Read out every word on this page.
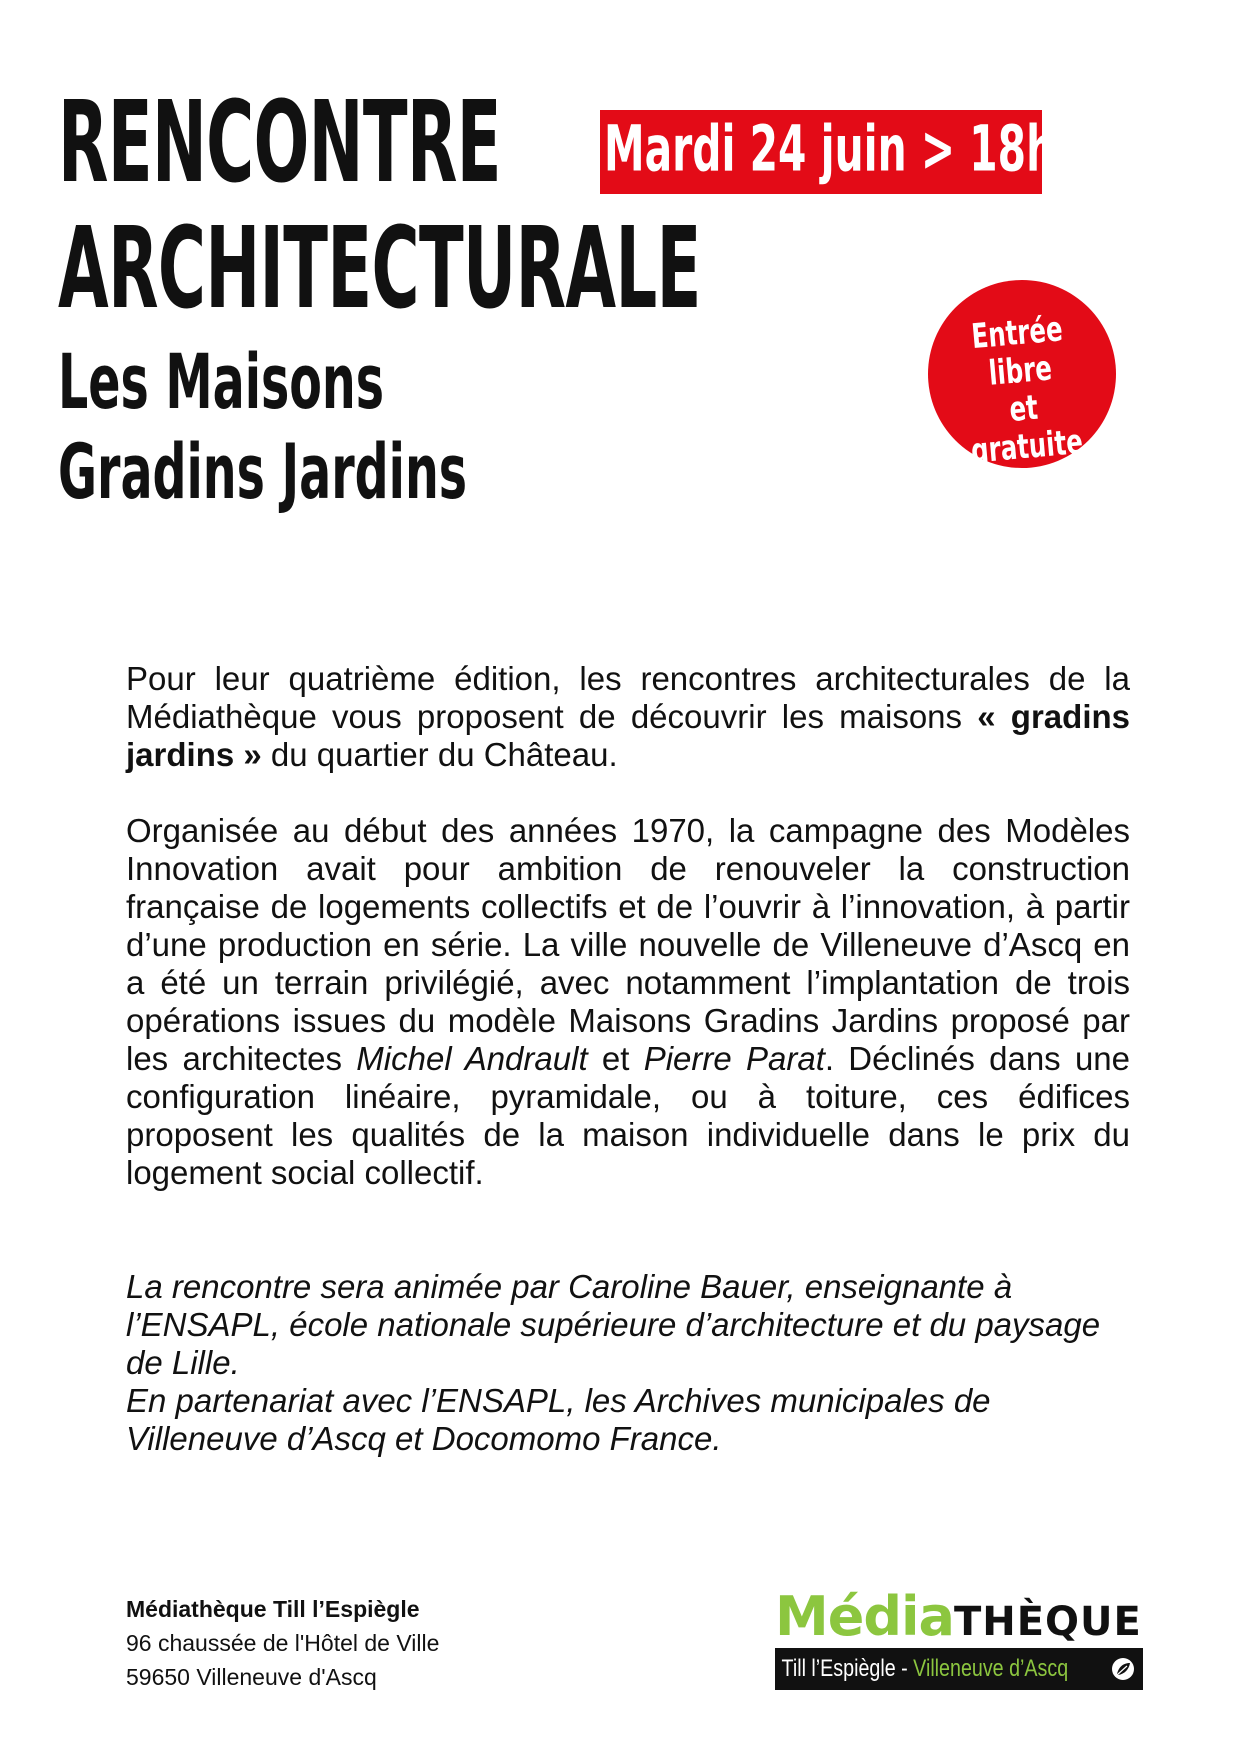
RENCONTRE
ARCHITECTURALE
Les Maisons
Gradins Jardins
Mardi 24 juin > 18h30
Entrée libre
et
gratuite

Pour leur quatrième édition, les rencontres architecturales de la Médiathèque vous proposent de découvrir les maisons « gradins jardins » du quartier du Château.

Organisée au début des années 1970, la campagne des Modèles Innovation avait pour ambition de renouveler la construction française de logements collectifs et de l’ouvrir à l’innovation, à partir d’une production en série. La ville nouvelle de Villeneuve d’Ascq en a été un terrain privilégié, avec notamment l’implantation de trois opérations issues du modèle Maisons Gradins Jardins proposé par les architectes Michel Andrault et Pierre Parat. Déclinés dans une configuration linéaire, pyramidale, ou à toiture, ces édifices proposent les qualités de la maison individuelle dans le prix du logement social collectif.

La rencontre sera animée par Caroline Bauer, enseignante à l’ENSAPL, école nationale supérieure d’architecture et du paysage de Lille.

En partenariat avec l’ENSAPL, les Archives municipales de Villeneuve d’Ascq et Docomomo France.

Médiathèque Till l’Espiègle
96 chaussée de l'Hôtel de Ville
59650 Villeneuve d'Ascq
MédiaTHÈQUE
Till l’Espiègle - Villeneuve d’Ascq
